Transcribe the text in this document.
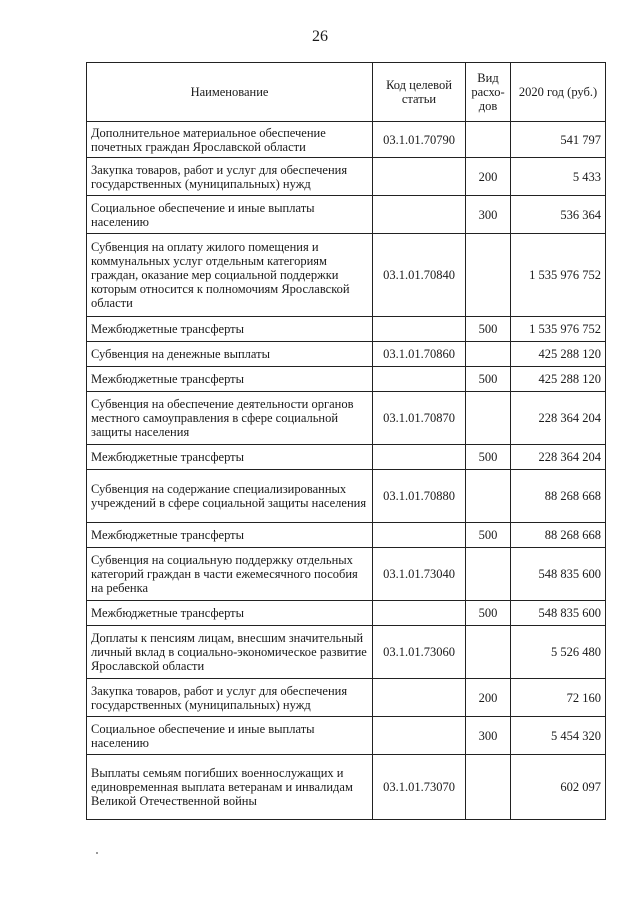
26
Наименование	Код целевой статьи	Вид расхо-дов	2020 год (руб.)
Дополнительное материальное обеспечение почетных граждан Ярославской области	03.1.01.70790		541 797
Закупка товаров, работ и услуг для обеспечения государственных (муниципальных) нужд		200	5 433
Социальное обеспечение и иные выплаты населению		300	536 364
Субвенция на оплату жилого помещения и коммунальных услуг отдельным категориям граждан, оказание мер социальной поддержки которым относится к полномочиям Ярославской области	03.1.01.70840		1 535 976 752
Межбюджетные трансферты		500	1 535 976 752
Субвенция на денежные выплаты	03.1.01.70860		425 288 120
Межбюджетные трансферты		500	425 288 120
Субвенция на обеспечение деятельности органов местного самоуправления в сфере социальной защиты населения	03.1.01.70870		228 364 204
Межбюджетные трансферты		500	228 364 204
Субвенция на содержание специализированных учреждений в сфере социальной защиты населения	03.1.01.70880		88 268 668
Межбюджетные трансферты		500	88 268 668
Субвенция на социальную поддержку отдельных категорий граждан в части ежемесячного пособия на ребенка	03.1.01.73040		548 835 600
Межбюджетные трансферты		500	548 835 600
Доплаты к пенсиям лицам, внесшим значительный личный вклад в социально-экономическое развитие Ярославской области	03.1.01.73060		5 526 480
Закупка товаров, работ и услуг для обеспечения государственных (муниципальных) нужд		200	72 160
Социальное обеспечение и иные выплаты населению		300	5 454 320
Выплаты семьям погибших военнослужащих и единовременная выплата ветеранам и инвалидам Великой Отечественной войны	03.1.01.73070		602 097
